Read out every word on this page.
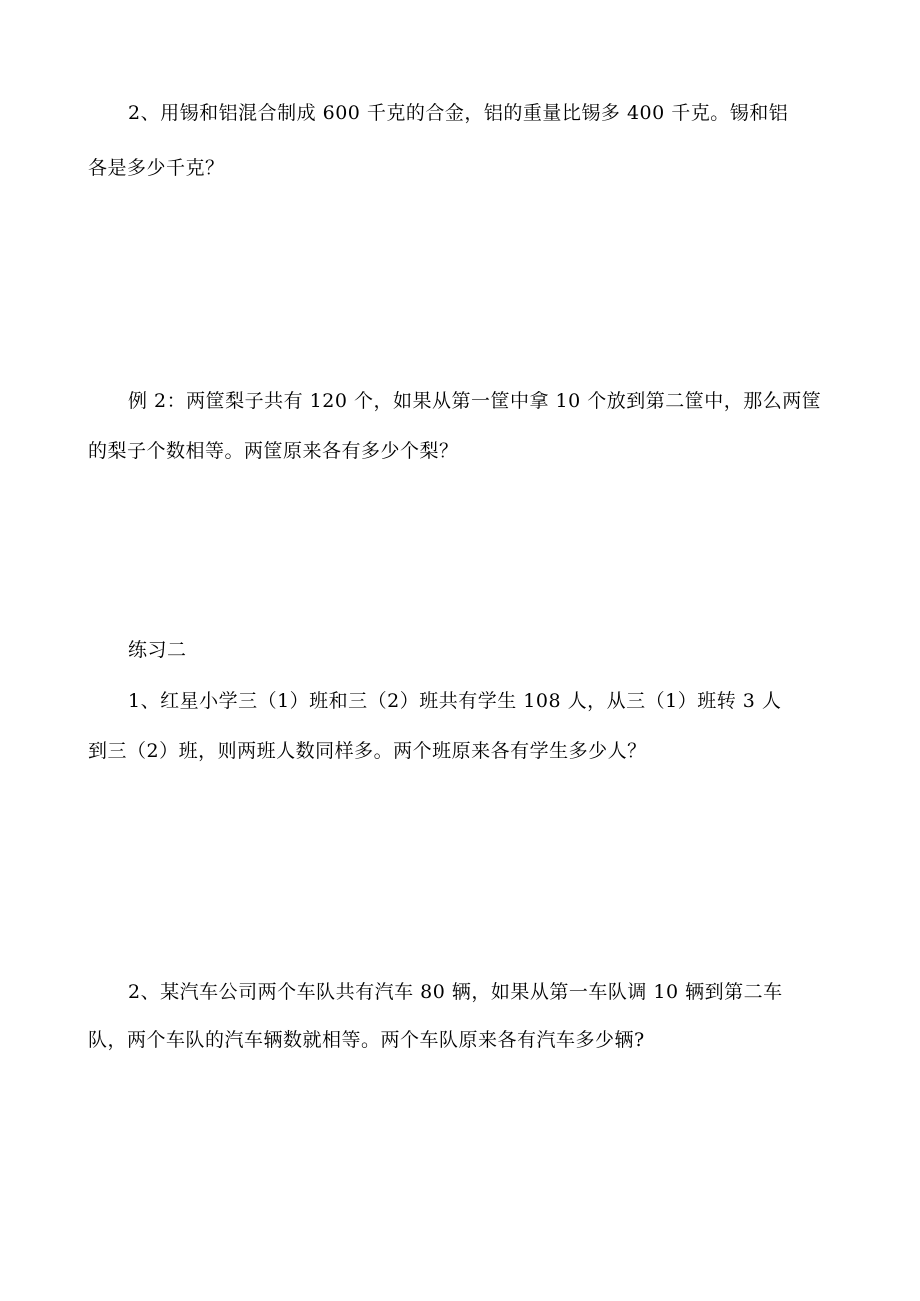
2、用锡和铝混合制成 600 千克的合金，铝的重量比锡多 400 千克。锡和铝
各是多少千克？
例 2：两筐梨子共有 120 个，如果从第一筐中拿 10 个放到第二筐中，那么两筐
的梨子个数相等。两筐原来各有多少个梨？
练习二
1、红星小学三（1）班和三（2）班共有学生 108 人，从三（1）班转 3 人
到三（2）班，则两班人数同样多。两个班原来各有学生多少人？
2、某汽车公司两个车队共有汽车 80 辆，如果从第一车队调 10 辆到第二车
队，两个车队的汽车辆数就相等。两个车队原来各有汽车多少辆?
